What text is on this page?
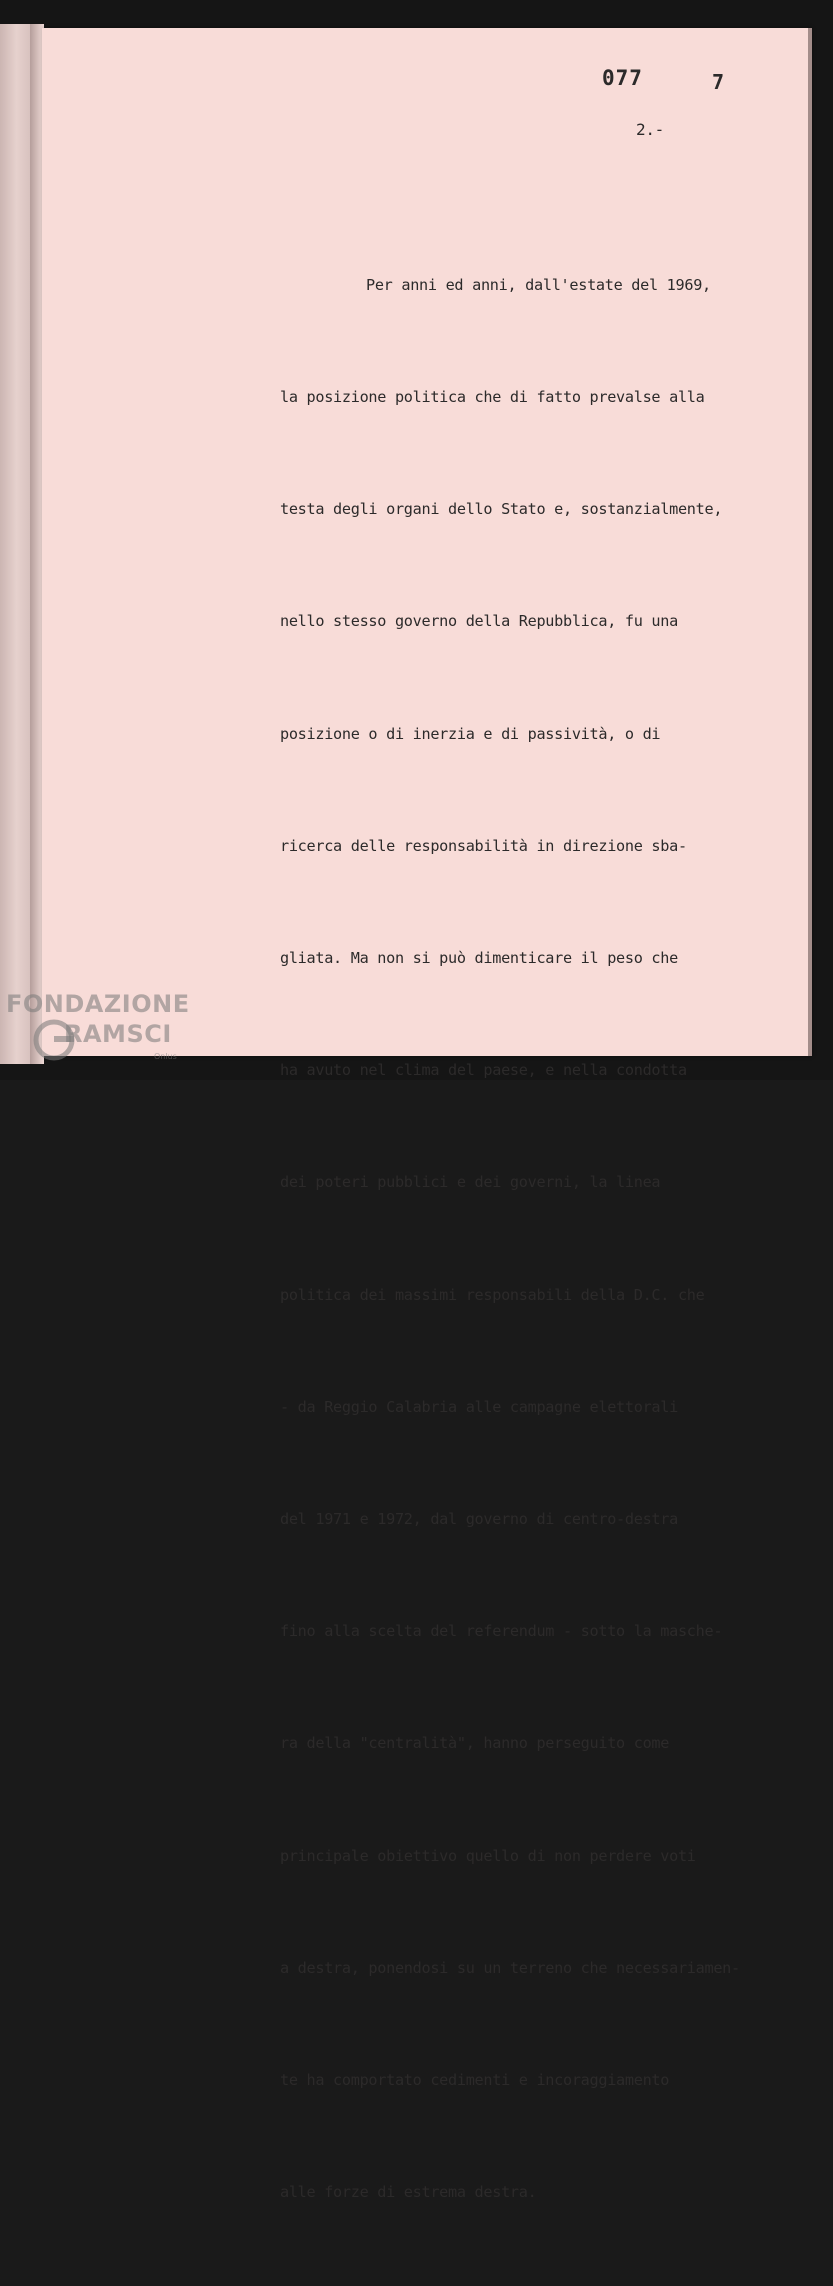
077	7
2.-

Per anni ed anni, dall'estate del 1969,

la posizione politica che di fatto prevalse alla

testa degli organi dello Stato e, sostanzialmente,

nello stesso governo della Repubblica, fu una

posizione o di inerzia e di passività, o di

ricerca delle responsabilità in direzione sba-

gliata. Ma non si può dimenticare il peso che

ha avuto nel clima del paese, e nella condotta

dei poteri pubblici e dei governi, la linea

politica dei massimi responsabili della D.C. che

- da Reggio Calabria alle campagne elettorali

del 1971 e 1972, dal governo di centro-destra

fino alla scelta del referendum - sotto la masche-

ra della "centralità", hanno perseguito come

principale obiettivo quello di non perdere voti

a destra, ponendosi su un terreno che necessariamen-

te ha comportato cedimenti e incoraggiamento

alle forze di estrema destra.

FONDAZIONE
RAMSCI
Onlus
